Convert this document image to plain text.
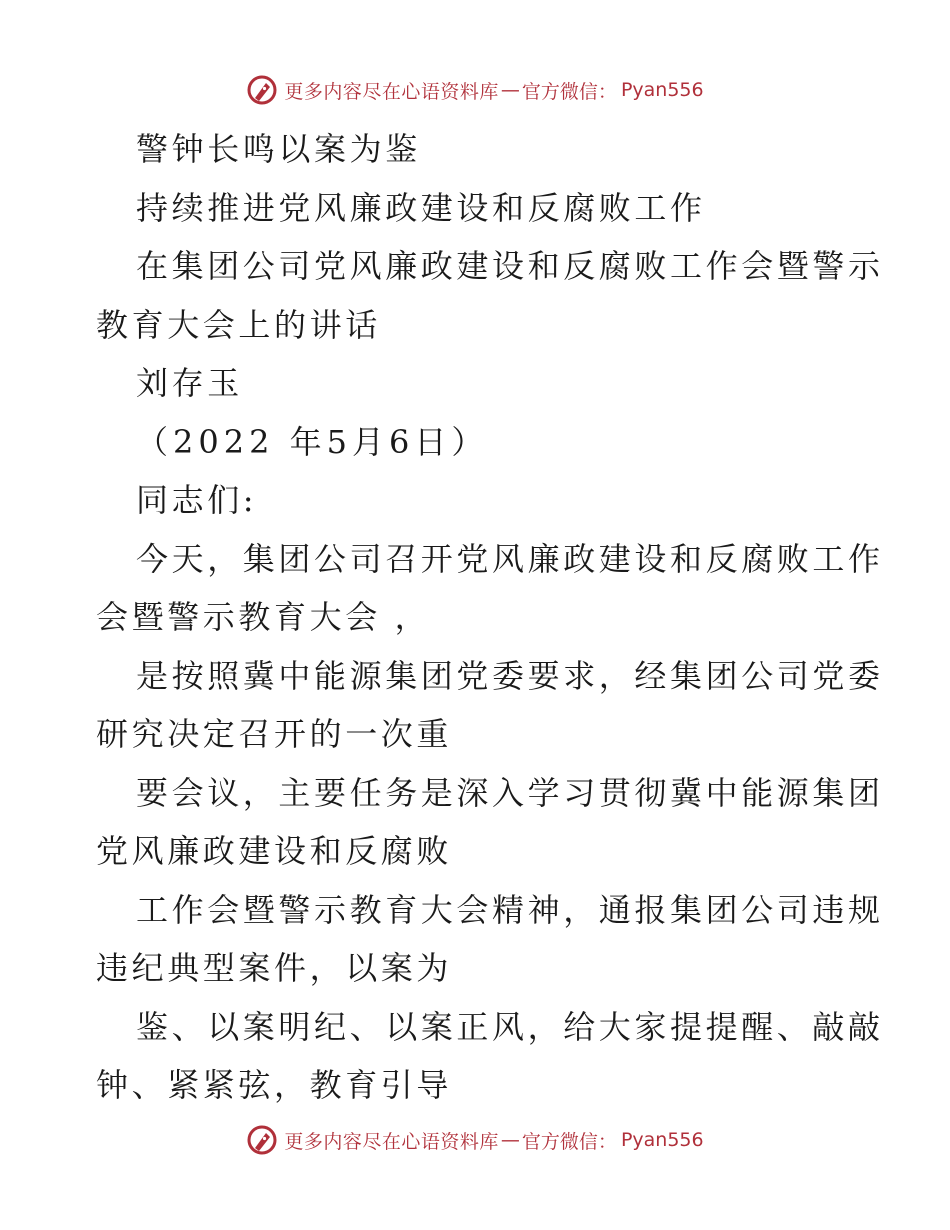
更多内容尽在心语资料库 — 官方微信： Pyan556
警钟长鸣以案为鉴
持续推进党风廉政建设和反腐败工作
在集团公司党风廉政建设和反腐败工作会暨警示
教育大会上的讲话
刘存玉
（2022 年5月6日）
同志们:
今天，集团公司召开党风廉政建设和反腐败工作
会暨警示教育大会 ，
是按照冀中能源集团党委要求，经集团公司党委
研究决定召开的一次重
要会议，主要任务是深入学习贯彻冀中能源集团
党风廉政建设和反腐败
工作会暨警示教育大会精神，通报集团公司违规
违纪典型案件，以案为
鉴、以案明纪、以案正风，给大家提提醒、敲敲
钟、紧紧弦，教育引导
更多内容尽在心语资料库 — 官方微信： Pyan556
